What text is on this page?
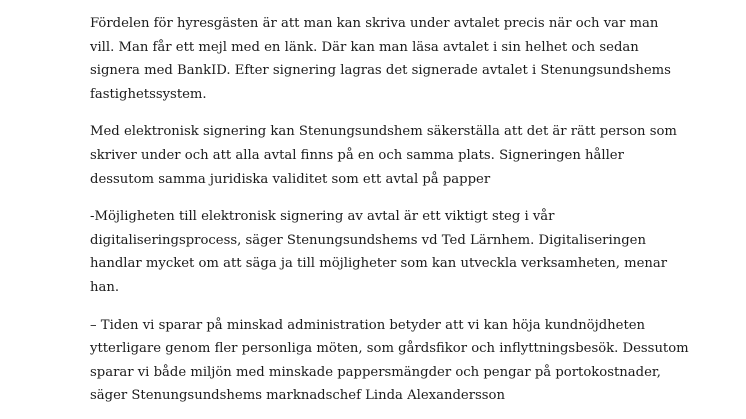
Fördelen för hyresgästen är att man kan skriva under avtalet precis när och var man
vill. Man får ett mejl med en länk. Där kan man läsa avtalet i sin helhet och sedan
signera med BankID. Efter signering lagras det signerade avtalet i Stenungsundshems
fastighetssystem.

Med elektronisk signering kan Stenungsundshem säkerställa att det är rätt person som
skriver under och att alla avtal finns på en och samma plats. Signeringen håller
dessutom samma juridiska validitet som ett avtal på papper

-Möjligheten till elektronisk signering av avtal är ett viktigt steg i vår
digitaliseringsprocess, säger Stenungsundshems vd Ted Lärnhem. Digitaliseringen
handlar mycket om att säga ja till möjligheter som kan utveckla verksamheten, menar
han.

– Tiden vi sparar på minskad administration betyder att vi kan höja kundnöjdheten
ytterligare genom fler personliga möten, som gårdsfikor och inflyttningsbesök. Dessutom
sparar vi både miljön med minskade pappersmängder och pengar på portokostnader,
säger Stenungsundshems marknadschef Linda Alexandersson
